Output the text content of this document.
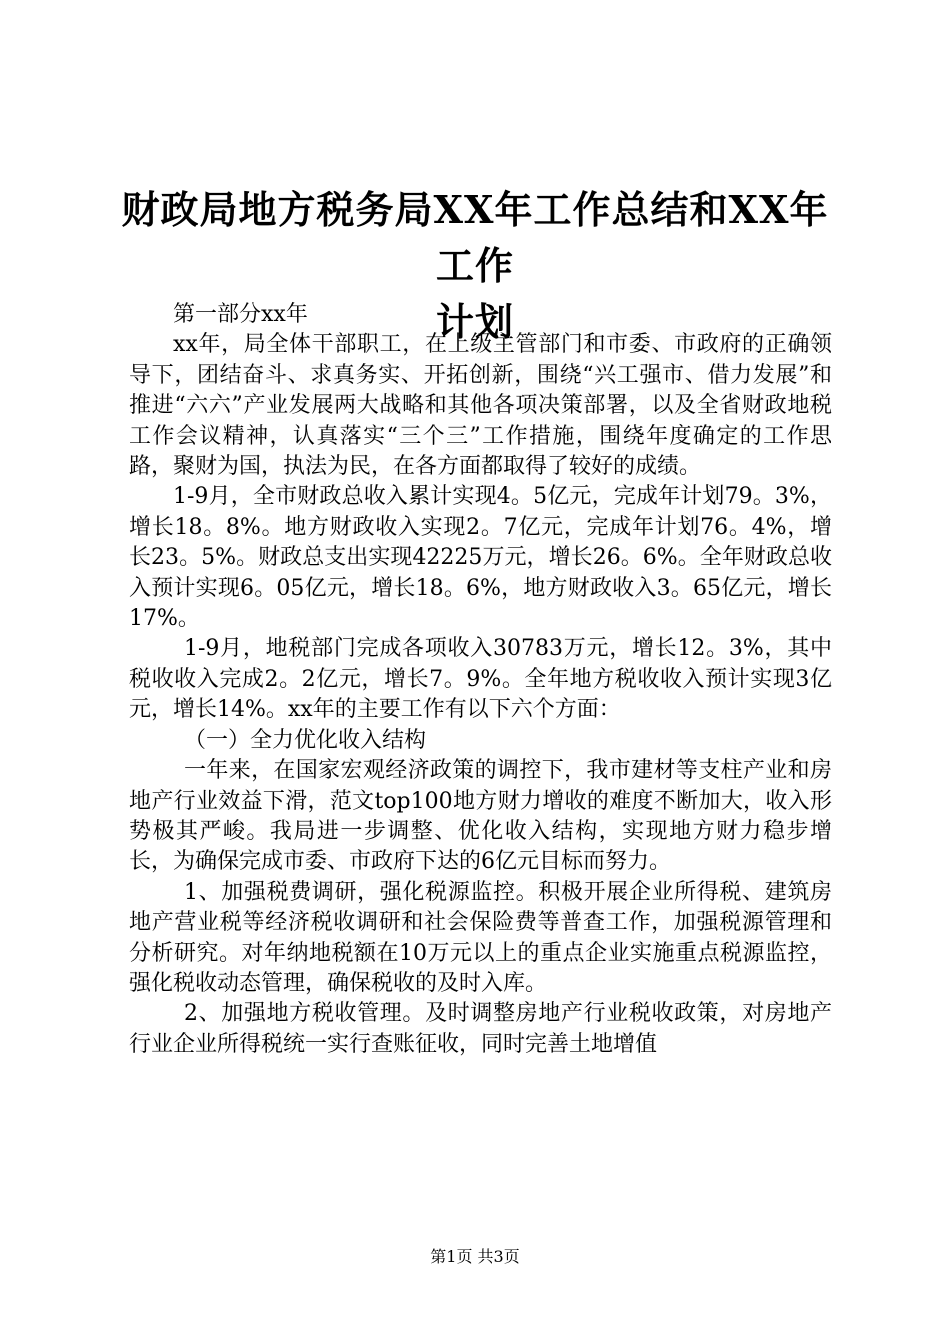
财政局地方税务局XX年工作总结和XX年工作
计划

第一部分xx年

xx年，局全体干部职工，在上级主管部门和市委、市政府的正确领导下，团结奋斗、求真务实、开拓创新，围绕“兴工强市、借力发展”和推进“六六”产业发展两大战略和其他各项决策部署，以及全省财政地税工作会议精神，认真落实“三个三”工作措施，围绕年度确定的工作思路，聚财为国，执法为民，在各方面都取得了较好的成绩。

1-9月，全市财政总收入累计实现4。5亿元，完成年计划79。3%，增长18。8%。地方财政收入实现2。7亿元，完成年计划76。4%，增长23。5%。财政总支出实现42225万元，增长26。6%。全年财政总收入预计实现6。05亿元，增长18。6%，地方财政收入3。65亿元，增长17%。

1-9月，地税部门完成各项收入30783万元，增长12。3%，其中税收收入完成2。2亿元，增长7。9%。全年地方税收收入预计实现3亿元，增长14%。xx年的主要工作有以下六个方面：

（一）全力优化收入结构

一年来，在国家宏观经济政策的调控下，我市建材等支柱产业和房地产行业效益下滑，范文top100地方财力增收的难度不断加大，收入形势极其严峻。我局进一步调整、优化收入结构，实现地方财力稳步增长，为确保完成市委、市政府下达的6亿元目标而努力。

1、加强税费调研，强化税源监控。积极开展企业所得税、建筑房地产营业税等经济税收调研和社会保险费等普查工作，加强税源管理和分析研究。对年纳地税额在10万元以上的重点企业实施重点税源监控，强化税收动态管理，确保税收的及时入库。

2、加强地方税收管理。及时调整房地产行业税收政策，对房地产行业企业所得税统一实行查账征收，同时完善土地增值

第1页 共3页
